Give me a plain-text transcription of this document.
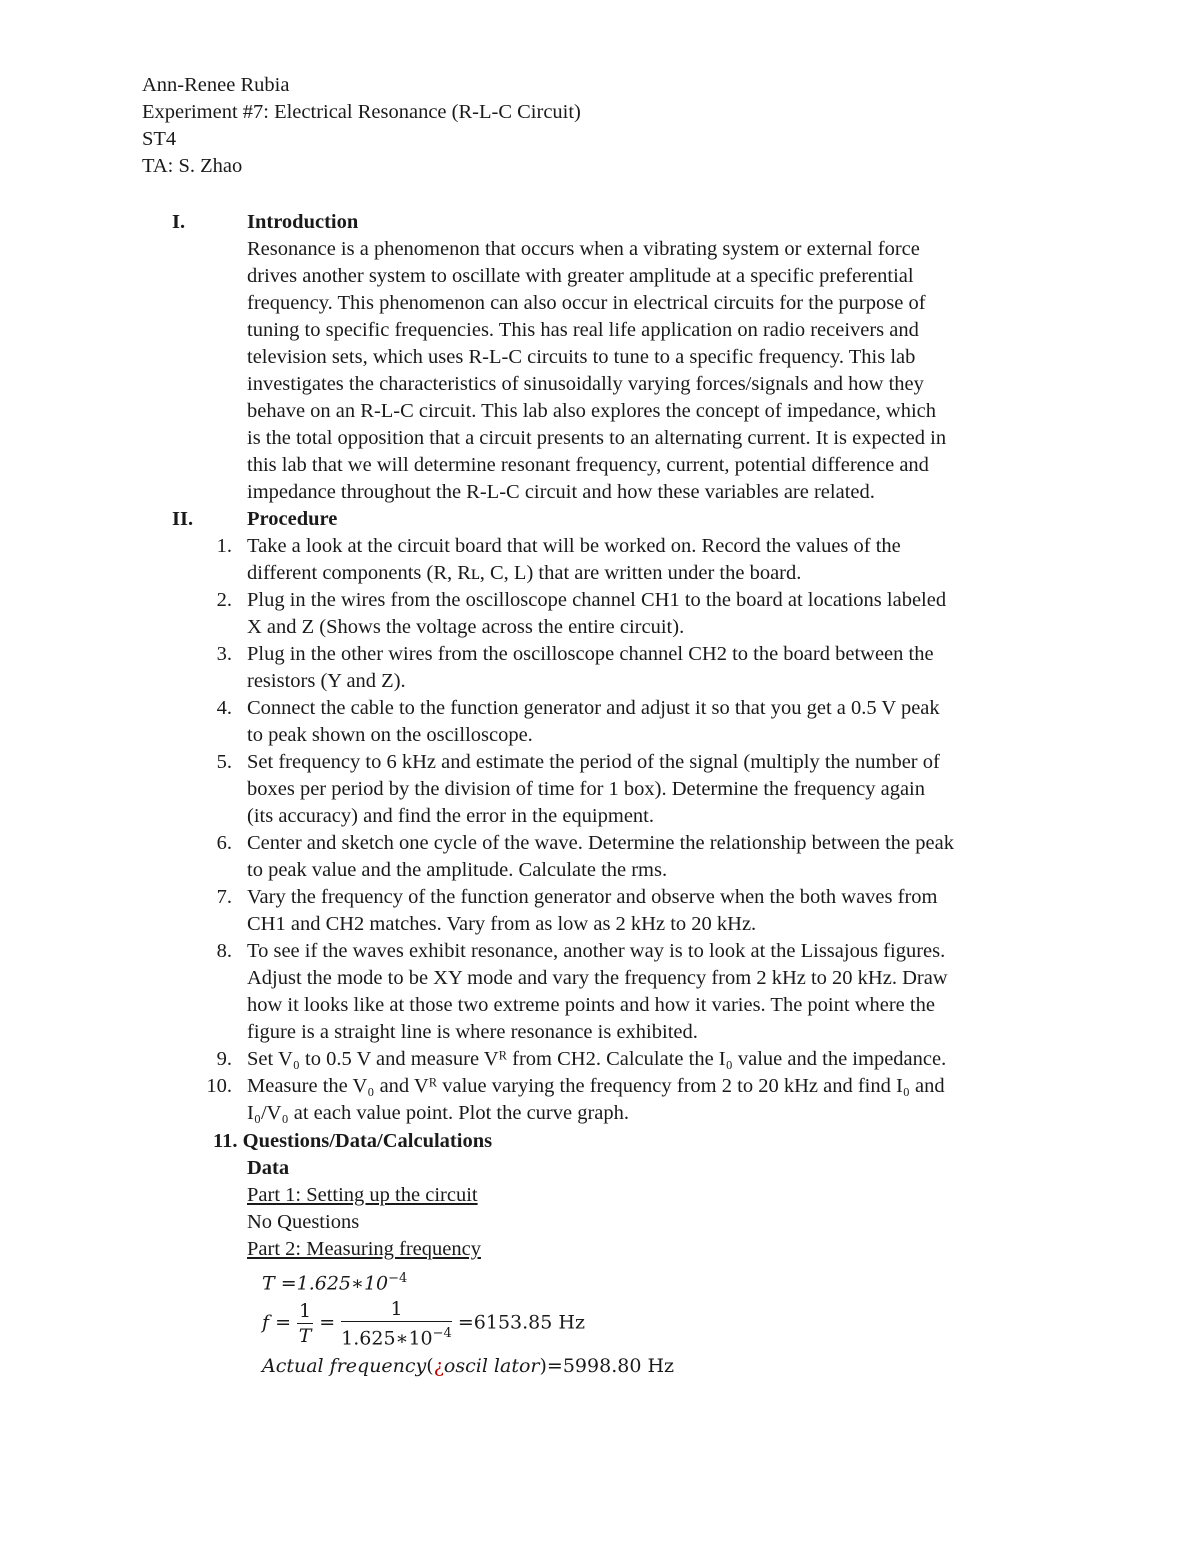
Ann-Renee Rubia
Experiment #7: Electrical Resonance (R-L-C Circuit)
ST4
TA: S. Zhao
I.	Introduction
Resonance is a phenomenon that occurs when a vibrating system or external force
drives another system to oscillate with greater amplitude at a specific preferential
frequency. This phenomenon can also occur in electrical circuits for the purpose of
tuning to specific frequencies. This has real life application on radio receivers and
television sets, which uses R-L-C circuits to tune to a specific frequency. This lab
investigates the characteristics of sinusoidally varying forces/signals and how they
behave on an R-L-C circuit. This lab also explores the concept of impedance, which
is the total opposition that a circuit presents to an alternating current. It is expected in
this lab that we will determine resonant frequency, current, potential difference and
impedance throughout the R-L-C circuit and how these variables are related.
II.	Procedure
1. Take a look at the circuit board that will be worked on. Record the values of the
different components (R, Rʟ, C, L) that are written under the board.
2. Plug in the wires from the oscilloscope channel CH1 to the board at locations labeled
X and Z (Shows the voltage across the entire circuit).
3. Plug in the other wires from the oscilloscope channel CH2 to the board between the
resistors (Y and Z).
4. Connect the cable to the function generator and adjust it so that you get a 0.5 V peak
to peak shown on the oscilloscope.
5. Set frequency to 6 kHz and estimate the period of the signal (multiply the number of
boxes per period by the division of time for 1 box). Determine the frequency again
(its accuracy) and find the error in the equipment.
6. Center and sketch one cycle of the wave. Determine the relationship between the peak
to peak value and the amplitude. Calculate the rms.
7. Vary the frequency of the function generator and observe when the both waves from
CH1 and CH2 matches. Vary from as low as 2 kHz to 20 kHz.
8. To see if the waves exhibit resonance, another way is to look at the Lissajous figures.
Adjust the mode to be XY mode and vary the frequency from 2 kHz to 20 kHz. Draw
how it looks like at those two extreme points and how it varies. The point where the
figure is a straight line is where resonance is exhibited.
9. Set V₀ to 0.5 V and measure Vᴿ from CH2. Calculate the I₀ value and the impedance.
10. Measure the V₀ and Vᴿ value varying the frequency from 2 to 20 kHz and find I₀ and
I₀/V₀ at each value point. Plot the curve graph.
11. Questions/Data/Calculations
Data
Part 1: Setting up the circuit
No Questions
Part 2: Measuring frequency
$T =1.625∗10^{-4}$
$f = \frac{1}{T} = \frac{1}{1.625∗10^{-4}} =6153.85$ Hz
Actual frequency(¿oscil lator)=5998.80 Hz
